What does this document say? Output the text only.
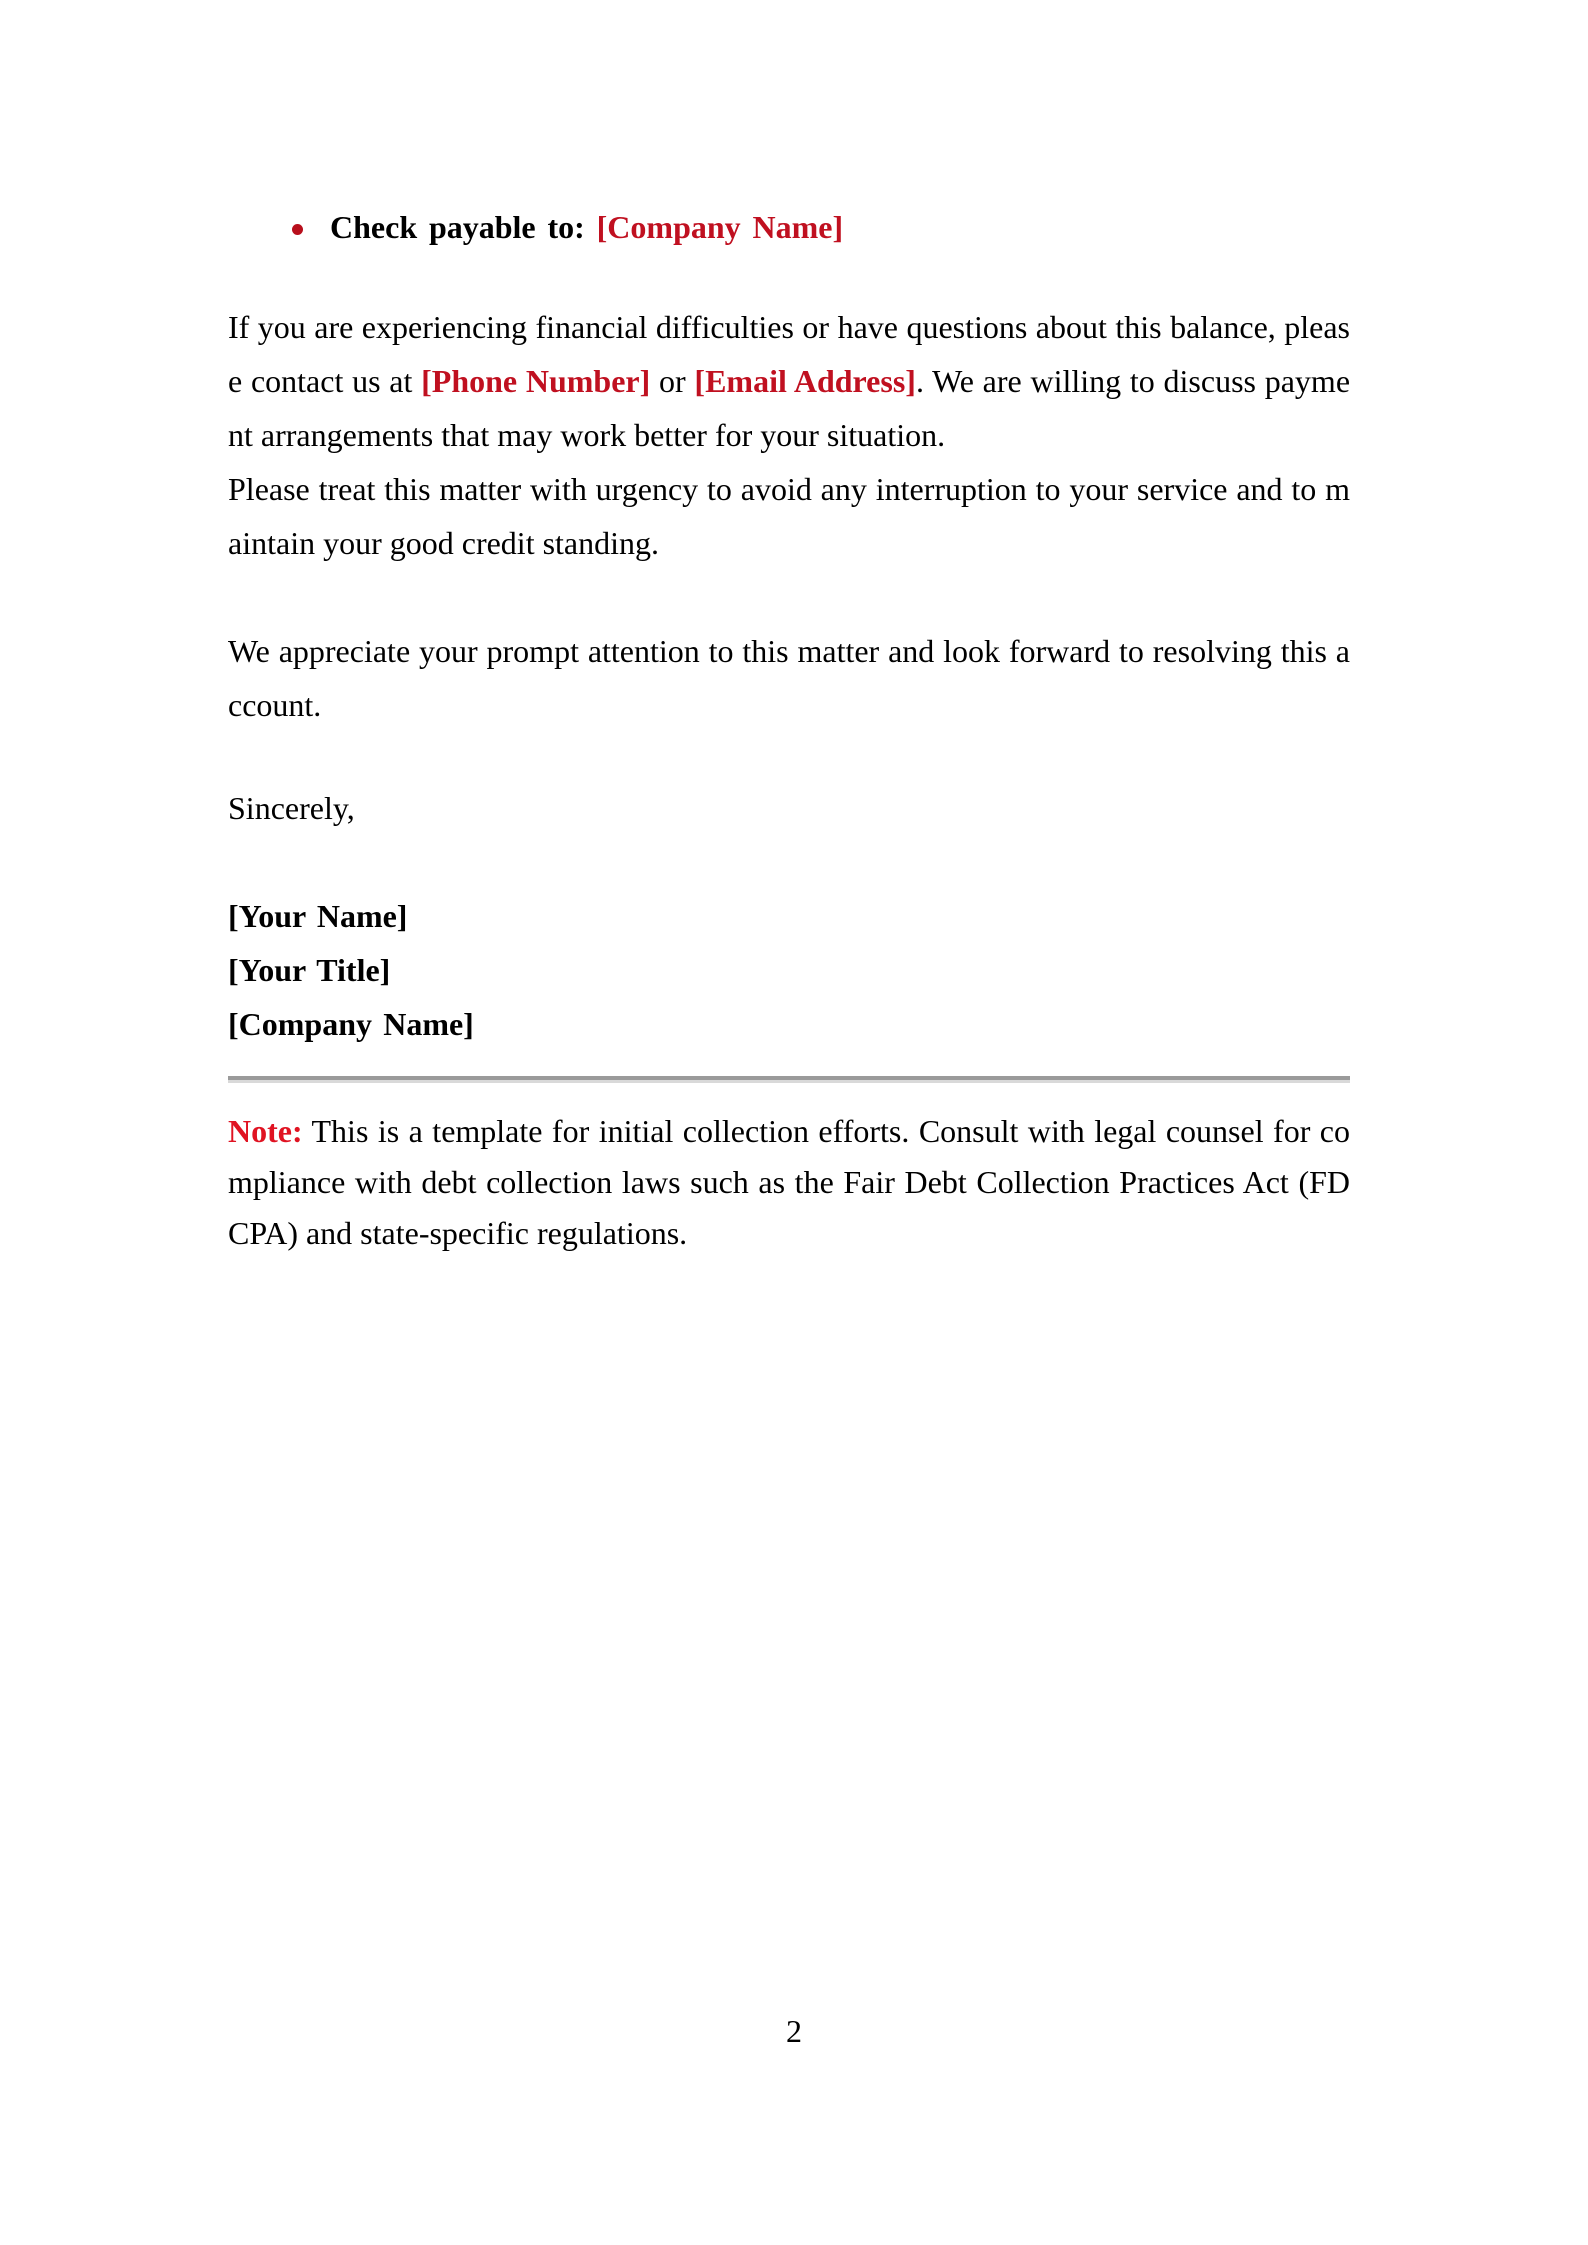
Check payable to: [Company Name]

If you are experiencing financial difficulties or have questions about this balance, please contact us at [Phone Number] or [Email Address]. We are willing to discuss payment arrangements that may work better for your situation.

Please treat this matter with urgency to avoid any interruption to your service and to maintain your good credit standing.

We appreciate your prompt attention to this matter and look forward to resolving this account.

Sincerely,

[Your Name]

[Your Title]

[Company Name]

Note: This is a template for initial collection efforts. Consult with legal counsel for compliance with debt collection laws such as the Fair Debt Collection Practices Act (FDCPA) and state-specific regulations.

2
